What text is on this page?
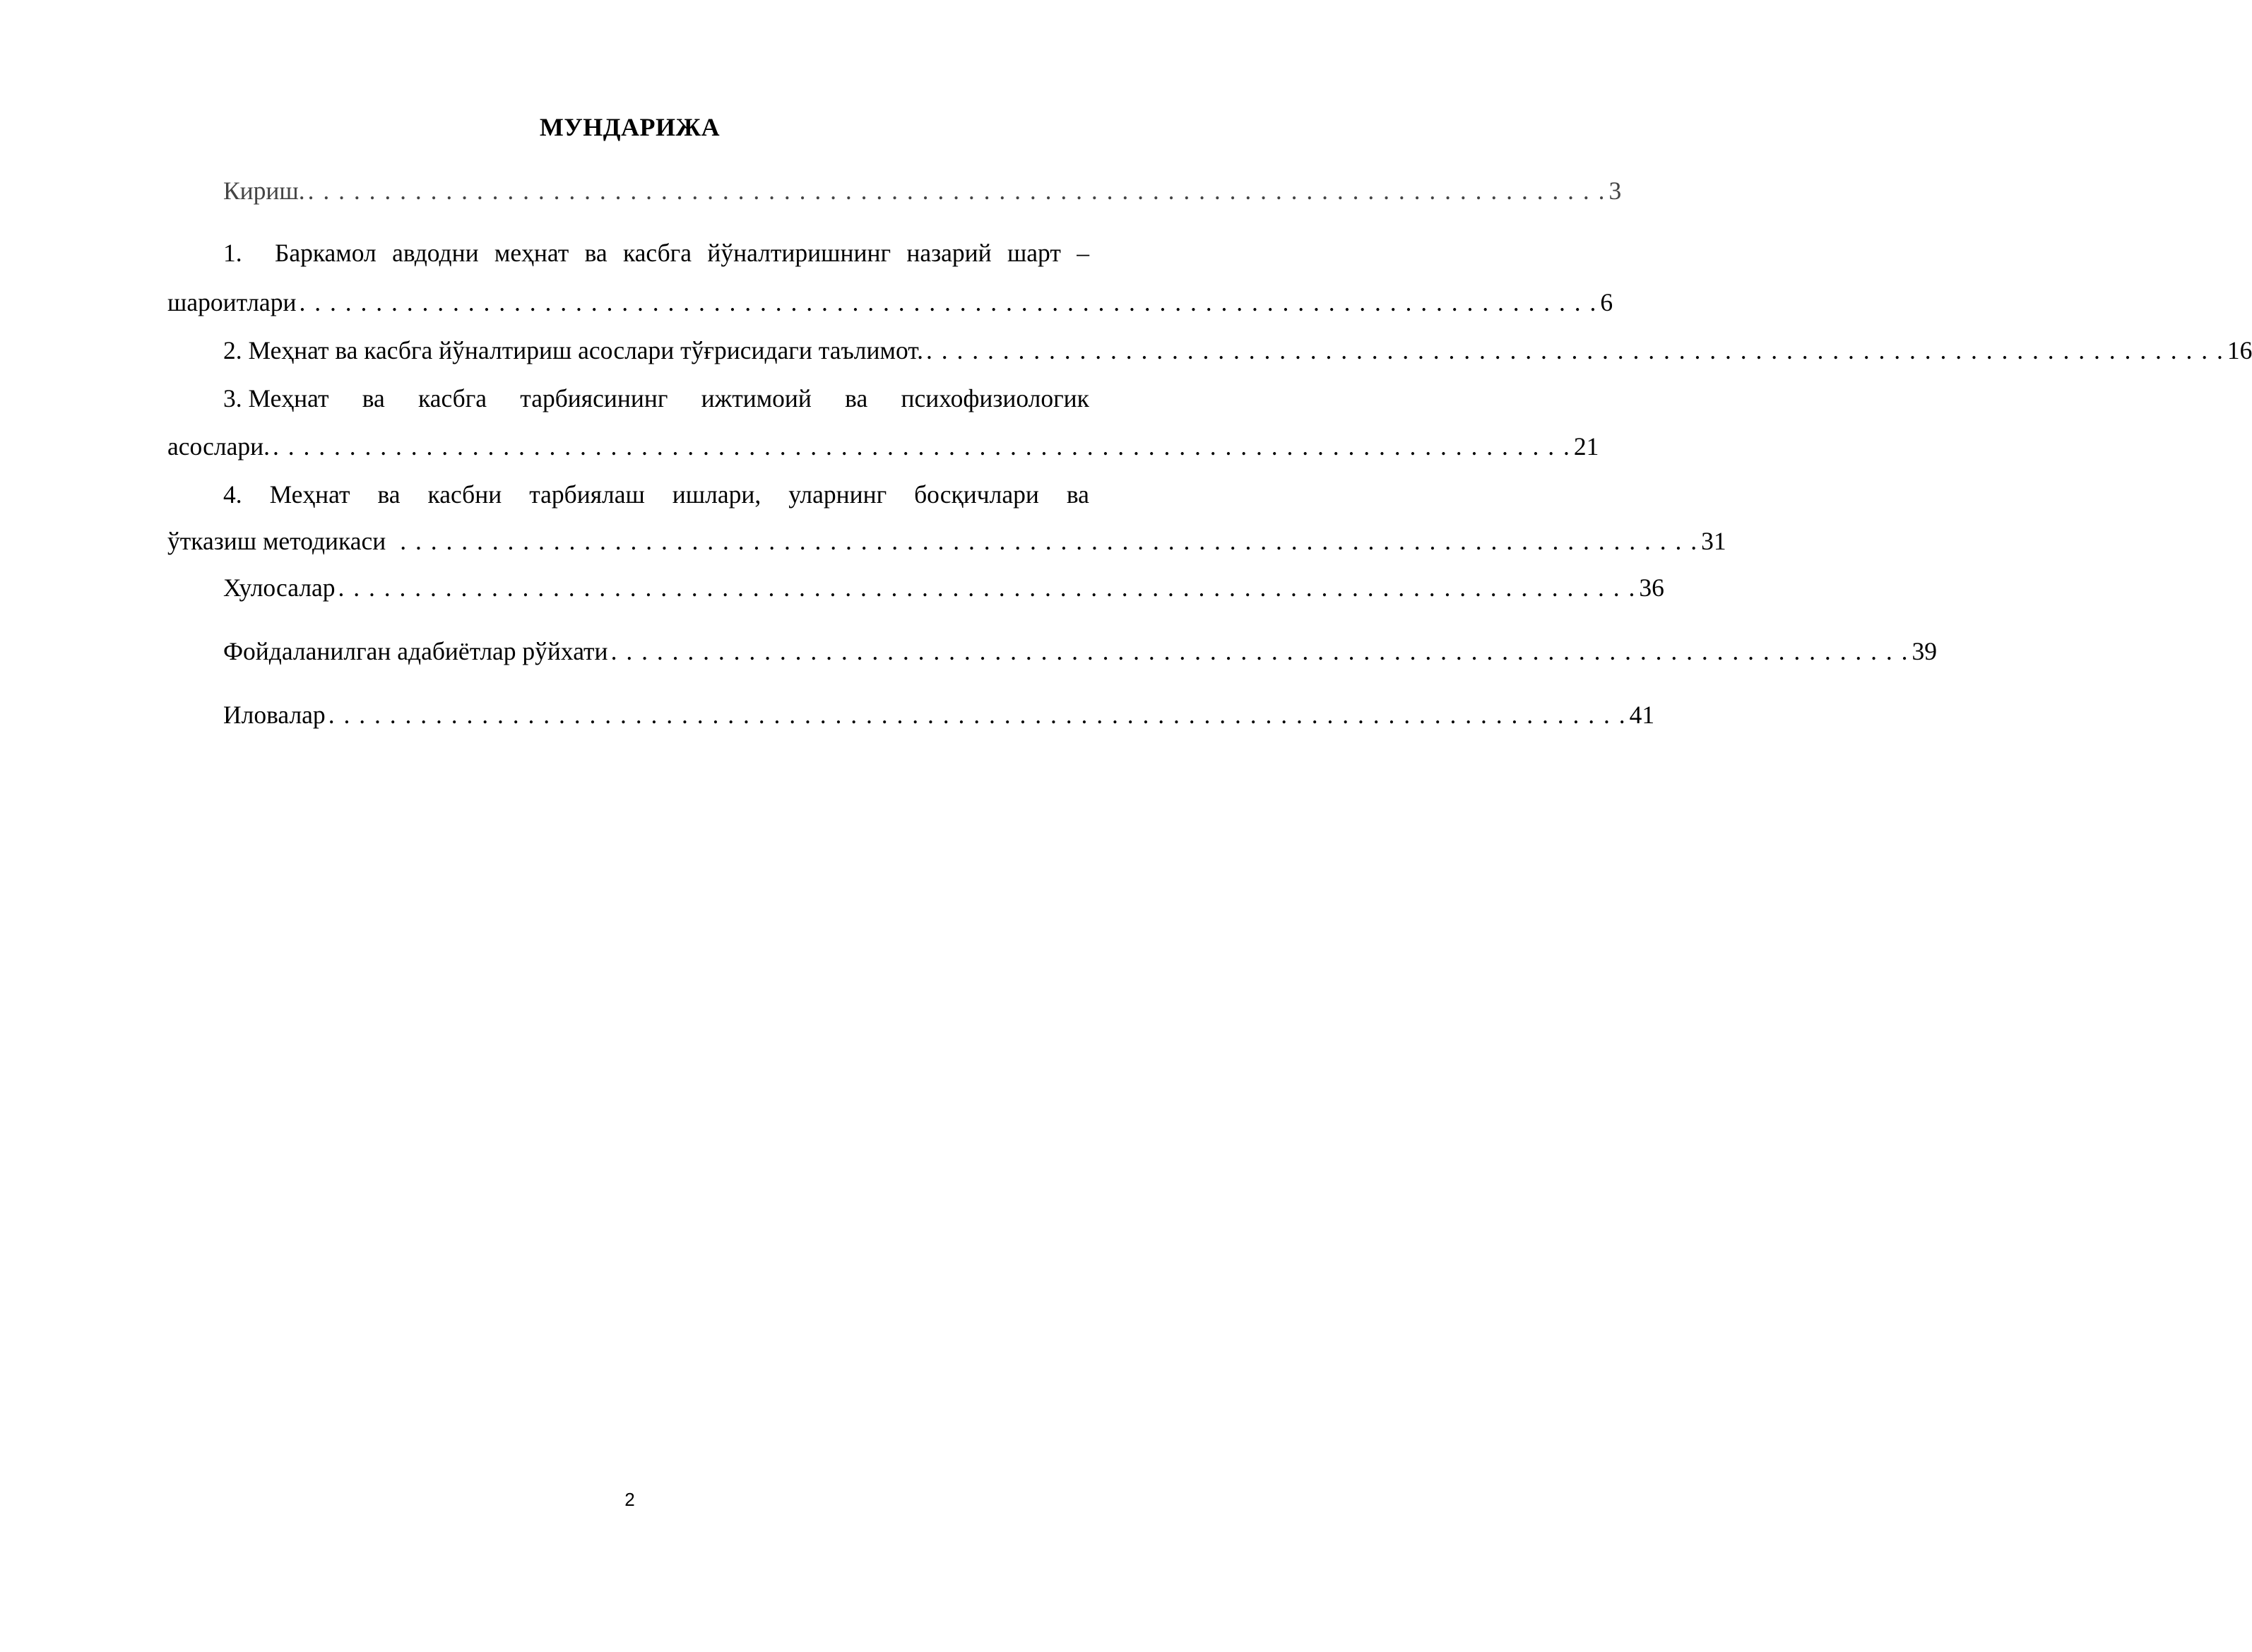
МУНДАРИЖА
Кириш. . . . . . . . . . . . . . . . . . . . . . . . . . . . . . . . . . . . . . . . . . . . . . . . . . . . . . . . . . . . . . . . . . . . . . . . . . . . . . . . . . . . . . 3
1. Баркамол авдодни меҳнат ва касбга йўналтиришнинг назарий шарт –
шароитлари . . . . . . . . . . . . . . . . . . . . . . . . . . . . . . . . . . . . . . . . . . . . . . . . . . . . . . . . . . . . . . . . . . . . . . . . . . . . . . . . . . . . . 6
2. Меҳнат ва касбга йўналтириш асослари тўғрисидаги таълимот. . . . . . . . . . . . . . . . . . . . . . . . . . . . . . . . . . . . . . . . . . . . . . . . . . . . . . . . . . . . . . . . . . . . . . . . . . . . . . . . . . . . . . 16
3. Меҳнат ва касбга тарбиясининг ижтимоий ва психофизиологик
асослари. . . . . . . . . . . . . . . . . . . . . . . . . . . . . . . . . . . . . . . . . . . . . . . . . . . . . . . . . . . . . . . . . . . . . . . . . . . . . . . . . . . . . . 21
4. Меҳнат ва касбни тарбиялаш ишлари, уларнинг босқичлари ва
ўтказиш методикаси . . . . . . . . . . . . . . . . . . . . . . . . . . . . . . . . . . . . . . . . . . . . . . . . . . . . . . . . . . . . . . . . . . . . . . . . . . . . . . . . . . . . . 31
Хулосалар . . . . . . . . . . . . . . . . . . . . . . . . . . . . . . . . . . . . . . . . . . . . . . . . . . . . . . . . . . . . . . . . . . . . . . . . . . . . . . . . . . . . . 36
Фойдаланилган адабиётлар рўйхати . . . . . . . . . . . . . . . . . . . . . . . . . . . . . . . . . . . . . . . . . . . . . . . . . . . . . . . . . . . . . . . . . . . . . . . . . . . . . . . . . . . . . 39
Иловалар . . . . . . . . . . . . . . . . . . . . . . . . . . . . . . . . . . . . . . . . . . . . . . . . . . . . . . . . . . . . . . . . . . . . . . . . . . . . . . . . . . . . . 41
2
